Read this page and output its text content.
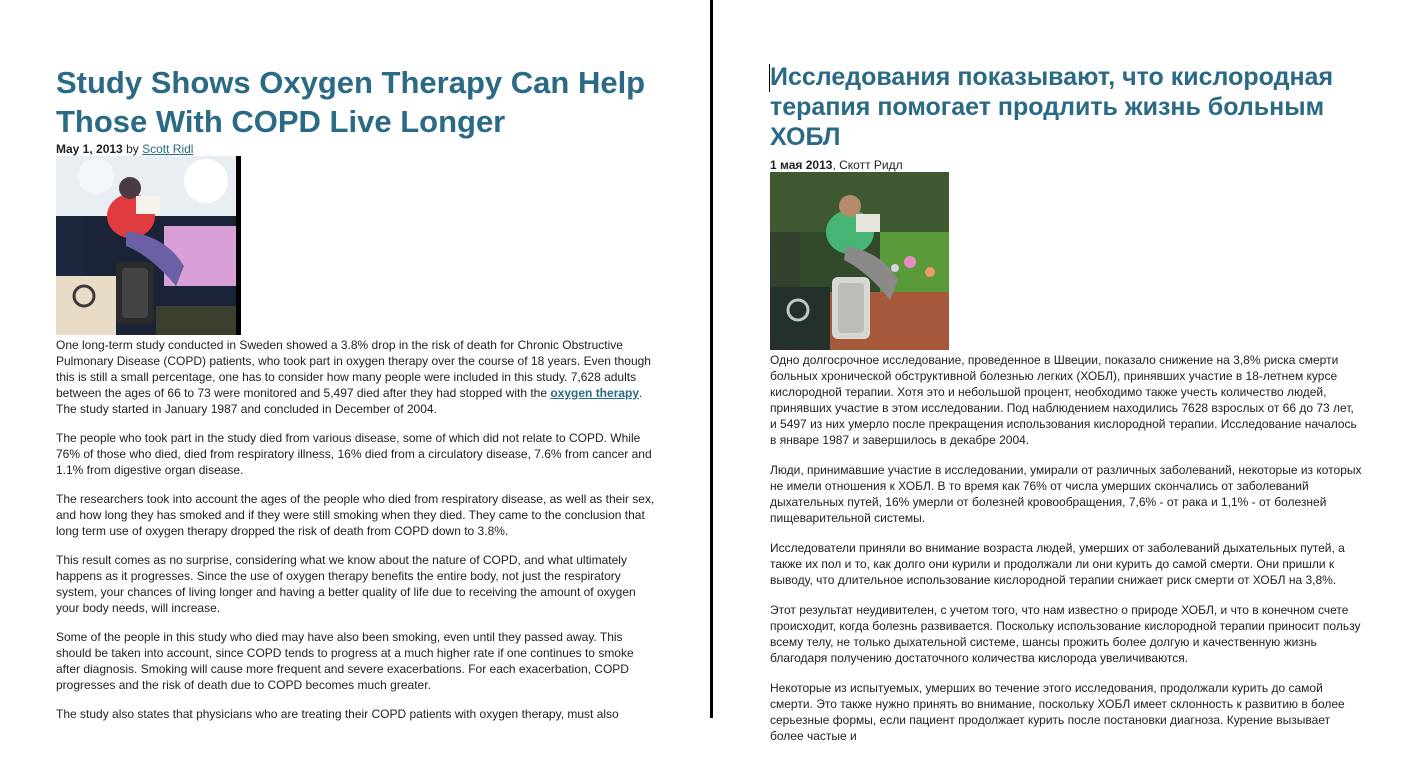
Study Shows Oxygen Therapy Can Help Those With COPD Live Longer
May 1, 2013 by Scott Ridl

One long-term study conducted in Sweden showed a 3.8% drop in the risk of death for Chronic Obstructive Pulmonary Disease (COPD) patients, who took part in oxygen therapy over the course of 18 years. Even though this is still a small percentage, one has to consider how many people were included in this study. 7,628 adults between the ages of 66 to 73 were monitored and 5,497 died after they had stopped with the oxygen therapy. The study started in January 1987 and concluded in December of 2004.

The people who took part in the study died from various disease, some of which did not relate to COPD. While 76% of those who died, died from respiratory illness, 16% died from a circulatory disease, 7.6% from cancer and 1.1% from digestive organ disease.

The researchers took into account the ages of the people who died from respiratory disease, as well as their sex, and how long they has smoked and if they were still smoking when they died. They came to the conclusion that long term use of oxygen therapy dropped the risk of death from COPD down to 3.8%.

This result comes as no surprise, considering what we know about the nature of COPD, and what ultimately happens as it progresses. Since the use of oxygen therapy benefits the entire body, not just the respiratory system, your chances of living longer and having a better quality of life due to receiving the amount of oxygen your body needs, will increase.

Some of the people in this study who died may have also been smoking, even until they passed away. This should be taken into account, since COPD tends to progress at a much higher rate if one continues to smoke after diagnosis. Smoking will cause more frequent and severe exacerbations. For each exacerbation, COPD progresses and the risk of death due to COPD becomes much greater.

The study also states that physicians who are treating their COPD patients with oxygen therapy, must also

Исследования показывают, что кислородная терапия помогает продлить жизнь больным ХОБЛ
1 мая 2013, Скотт Ридл

Одно долгосрочное исследование, проведенное в Швеции, показало снижение на 3,8% риска смерти больных хронической обструктивной болезнью легких (ХОБЛ), принявших участие в 18-летнем курсе кислородной терапии. Хотя это и небольшой процент, необходимо также учесть количество людей, принявших участие в этом исследовании. Под наблюдением находились 7628 взрослых от 66 до 73 лет, и 5497 из них умерло после прекращения использования кислородной терапии. Исследование началось в январе 1987 и завершилось в декабре 2004.

Люди, принимавшие участие в исследовании, умирали от различных заболеваний, некоторые из которых не имели отношения к ХОБЛ. В то время как 76% от числа умерших скончались от заболеваний дыхательных путей, 16% умерли от болезней кровообращения, 7,6% - от рака и 1,1% - от болезней пищеварительной системы.

Исследователи приняли во внимание возраста людей, умерших от заболеваний дыхательных путей, а также их пол и то, как долго они курили и продолжали ли они курить до самой смерти. Они пришли к выводу, что длительное использование кислородной терапии снижает риск смерти от ХОБЛ на 3,8%.

Этот результат неудивителен, с учетом того, что нам известно о природе ХОБЛ, и что в конечном счете происходит, когда болезнь развивается. Поскольку использование кислородной терапии приносит пользу всему телу, не только дыхательной системе, шансы прожить более долгую и качественную жизнь благодаря получению достаточного количества кислорода увеличиваются.

Некоторые из испытуемых, умерших во течение этого исследования, продолжали курить до самой смерти. Это также нужно принять во внимание, поскольку ХОБЛ имеет склонность к развитию в более серьезные формы, если пациент продолжает курить после постановки диагноза. Курение вызывает более частые и
